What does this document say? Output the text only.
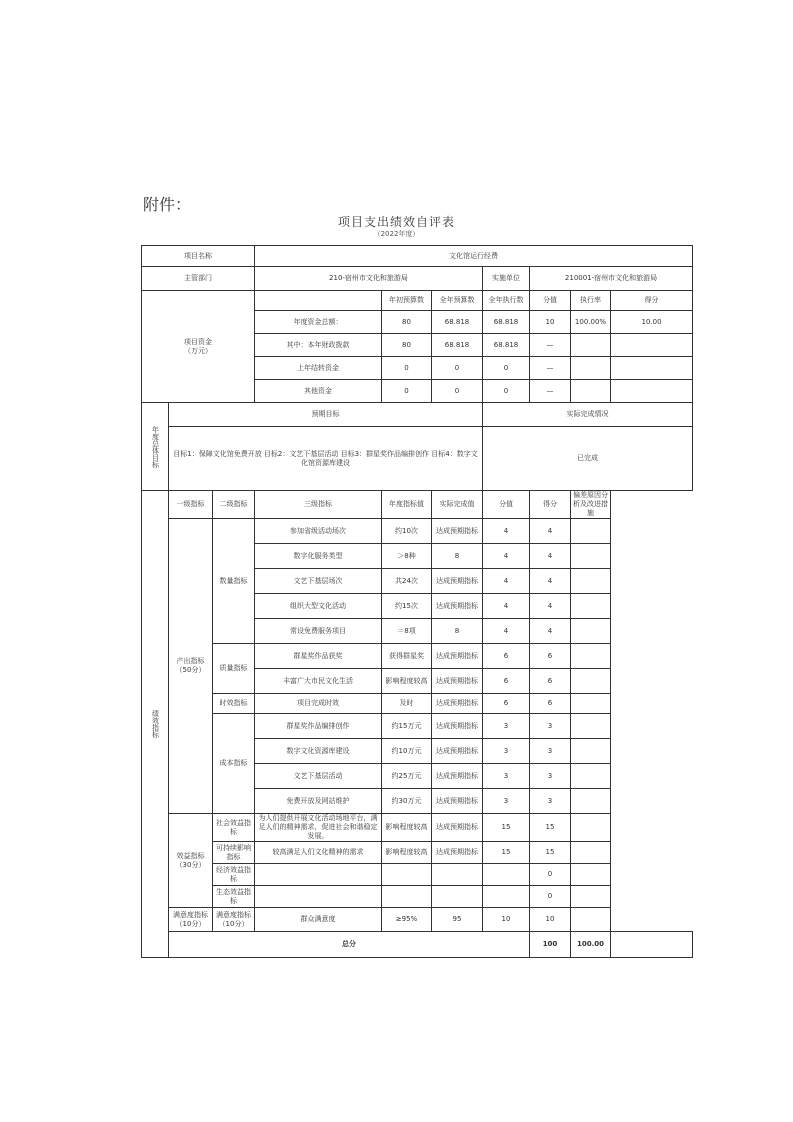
附件：
项目支出绩效自评表
（2022年度）
项目名称			文化馆运行经费						
主管部门			210-宿州市文化和旅游局			实施单位	210001-宿州市文化和旅游局		
项目资金
（万元）				年初预算数	全年预算数	全年执行数	分值	执行率	得分
			年度资金总额：	80	68.818	68.818	10	100.00%	10.00
			其中：本年财政拨款	80	68.818	68.818	—		
			上年结转资金	0	0	0	—		
			其他资金	0	0	0	—		
年度总体目标	预期目标					实际完成情况			
	目标1：保障文化馆免费开放 目标2：文艺下基层活动 目标3：群星奖作品编排创作 目标4：数字文化馆资源库建设					已完成			
绩效指标	一级指标	二级指标	三级指标	年度指标值	实际完成值	分值	得分	偏差原因分析及改进措施	
	产出指标（50分）	数量指标	参加省级活动场次	约10次	达成预期指标	4	4		
			数字化服务类型	＞8种	8	4	4		
			文艺下基层场次	共24次	达成预期指标	4	4		
			组织大型文化活动	约15次	达成预期指标	4	4		
			常设免费服务项目	＝8项	8	4	4		
		质量指标	群星奖作品获奖	获得群星奖	达成预期指标	6	6		
			丰富广大市民文化生活	影响程度较高	达成预期指标	6	6		
		时效指标	项目完成时效	及时	达成预期指标	6	6		
		成本指标	群星奖作品编排创作	约15万元	达成预期指标	3	3		
			数字文化资源库建设	约10万元	达成预期指标	3	3		
			文艺下基层活动	约25万元	达成预期指标	3	3		
			免费开放及网站维护	约30万元	达成预期指标	3	3		
	效益指标（30分）	社会效益指标	为人们提供开展文化活动场地平台，满足人们的精神需求，促进社会和谐稳定发展。	影响程度较高	达成预期指标	15	15		
		可持续影响指标	较高满足人们文化精神的需求	影响程度较高	达成预期指标	15	15		
		经济效益指标					0		
		生态效益指标					0		
	满意度指标（10分）	满意度指标（10分）	群众满意度	≥95%	95	10	10		
	总分						100	100.00	
